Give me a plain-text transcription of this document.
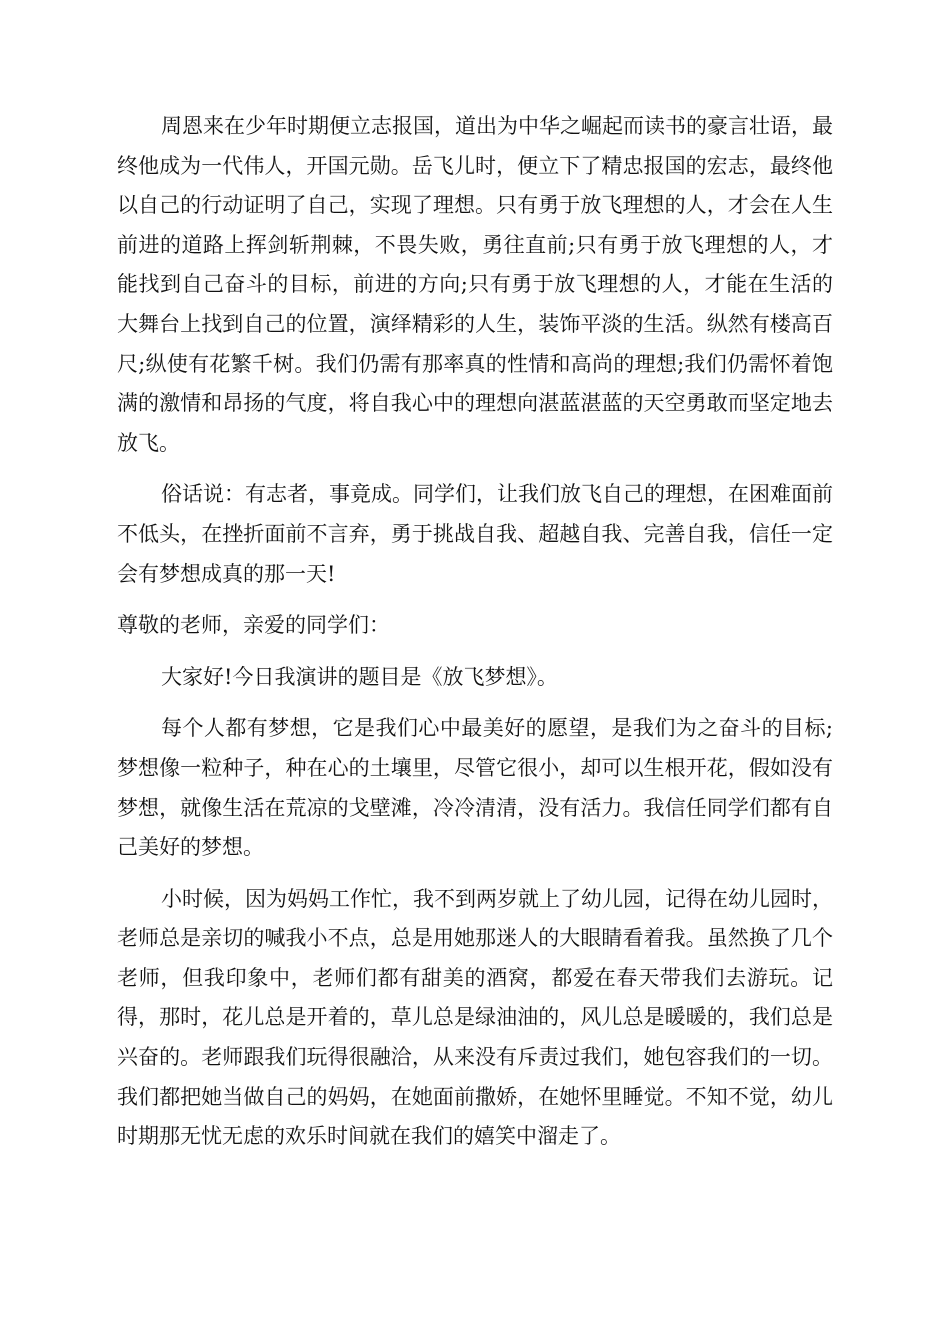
周恩来在少年时期便立志报国，道出为中华之崛起而读书的豪言壮语，最终他成为一代伟人，开国元勋。岳飞儿时，便立下了精忠报国的宏志，最终他以自己的行动证明了自己，实现了理想。只有勇于放飞理想的人，才会在人生前进的道路上挥剑斩荆棘，不畏失败，勇往直前;只有勇于放飞理想的人，才能找到自己奋斗的目标，前进的方向;只有勇于放飞理想的人，才能在生活的大舞台上找到自己的位置，演绎精彩的人生，装饰平淡的生活。纵然有楼高百尺;纵使有花繁千树。我们仍需有那率真的性情和高尚的理想;我们仍需怀着饱满的激情和昂扬的气度，将自我心中的理想向湛蓝湛蓝的天空勇敢而坚定地去放飞。

俗话说：有志者，事竟成。同学们，让我们放飞自己的理想，在困难面前不低头，在挫折面前不言弃，勇于挑战自我、超越自我、完善自我，信任一定会有梦想成真的那一天!

尊敬的老师，亲爱的同学们：

大家好!今日我演讲的题目是《放飞梦想》。

每个人都有梦想，它是我们心中最美好的愿望，是我们为之奋斗的目标;梦想像一粒种子，种在心的土壤里，尽管它很小，却可以生根开花，假如没有梦想，就像生活在荒凉的戈壁滩，冷冷清清，没有活力。我信任同学们都有自己美好的梦想。

小时候，因为妈妈工作忙，我不到两岁就上了幼儿园，记得在幼儿园时，老师总是亲切的喊我小不点，总是用她那迷人的大眼睛看着我。虽然换了几个老师，但我印象中，老师们都有甜美的酒窝，都爱在春天带我们去游玩。记得，那时，花儿总是开着的，草儿总是绿油油的，风儿总是暖暖的，我们总是兴奋的。老师跟我们玩得很融洽，从来没有斥责过我们，她包容我们的一切。我们都把她当做自己的妈妈，在她面前撒娇，在她怀里睡觉。不知不觉，幼儿时期那无忧无虑的欢乐时间就在我们的嬉笑中溜走了。
